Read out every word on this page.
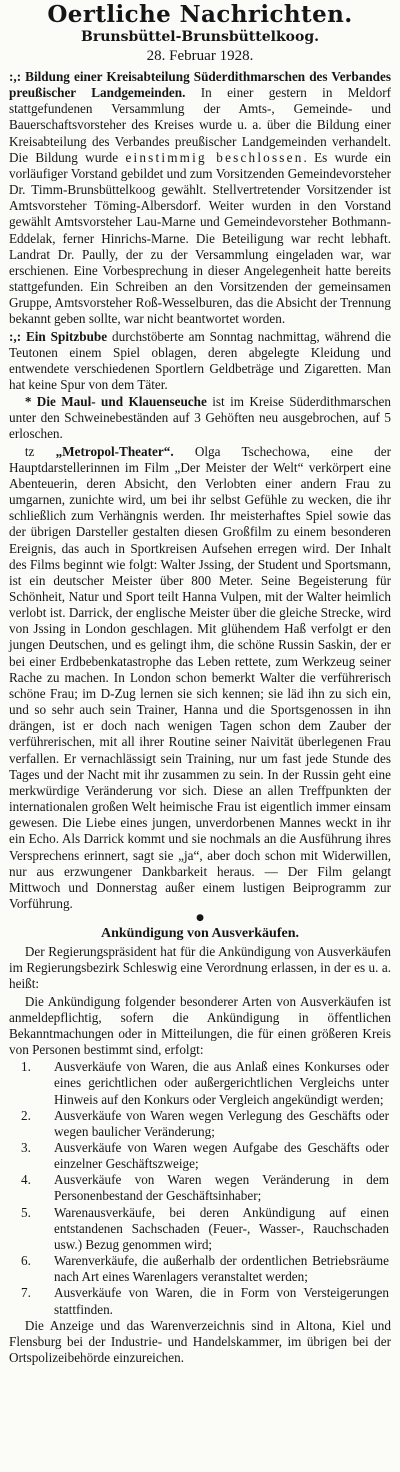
Oertliche Nachrichten.
Brunsbüttel-Brunsbüttelkoog.
28. Februar 1928.

:,: Bildung einer Kreisabteilung Süderdithmarschen des Verbandes preußischer Landgemeinden. In einer gestern in Meldorf stattgefundenen Versammlung der Amts-, Gemeinde- und Bauerschaftsvorsteher des Kreises wurde u. a. über die Bildung einer Kreisabteilung des Verbandes preußischer Landgemeinden verhandelt. Die Bildung wurde einstimmig beschlossen. Es wurde ein vorläufiger Vorstand gebildet und zum Vorsitzenden Gemeindevorsteher Dr. Timm-Brunsbüttelkoog gewählt. Stellvertretender Vorsitzender ist Amtsvorsteher Töming-Albersdorf. Weiter wurden in den Vorstand gewählt Amtsvorsteher Lau-Marne und Gemeindevorsteher Bothmann-Eddelak, ferner Hinrichs-Marne. Die Beteiligung war recht lebhaft. Landrat Dr. Paully, der zu der Versammlung eingeladen war, war erschienen. Eine Vorbesprechung in dieser Angelegenheit hatte bereits stattgefunden. Ein Schreiben an den Vorsitzenden der gemeinsamen Gruppe, Amtsvorsteher Roß-Wesselburen, das die Absicht der Trennung bekannt geben sollte, war nicht beantwortet worden.

:,: Ein Spitzbube durchstöberte am Sonntag nachmittag, während die Teutonen einem Spiel oblagen, deren abgelegte Kleidung und entwendete verschiedenen Sportlern Geldbeträge und Zigaretten. Man hat keine Spur von dem Täter.

* Die Maul- und Klauenseuche ist im Kreise Süderdithmarschen unter den Schweinebeständen auf 3 Gehöften neu ausgebrochen, auf 5 erloschen.

tz „Metropol-Theater“. Olga Tschechowa, eine der Hauptdarstellerinnen im Film „Der Meister der Welt“ verkörpert eine Abenteuerin, deren Absicht, den Verlobten einer andern Frau zu umgarnen, zunichte wird, um bei ihr selbst Gefühle zu wecken, die ihr schließlich zum Verhängnis werden. Ihr meisterhaftes Spiel sowie das der übrigen Darsteller gestalten diesen Großfilm zu einem besonderen Ereignis, das auch in Sportkreisen Aufsehen erregen wird. Der Inhalt des Films beginnt wie folgt: Walter Jssing, der Student und Sportsmann, ist ein deutscher Meister über 800 Meter. Seine Begeisterung für Schönheit, Natur und Sport teilt Hanna Vulpen, mit der Walter heimlich verlobt ist. Darrick, der englische Meister über die gleiche Strecke, wird von Jssing in London geschlagen. Mit glühendem Haß verfolgt er den jungen Deutschen, und es gelingt ihm, die schöne Russin Saskin, der er bei einer Erdbebenkatastrophe das Leben rettete, zum Werkzeug seiner Rache zu machen. In London schon bemerkt Walter die verführerisch schöne Frau; im D-Zug lernen sie sich kennen; sie läd ihn zu sich ein, und so sehr auch sein Trainer, Hanna und die Sportsgenossen in ihn drängen, ist er doch nach wenigen Tagen schon dem Zauber der verführerischen, mit all ihrer Routine seiner Naivität überlegenen Frau verfallen. Er vernachlässigt sein Training, nur um fast jede Stunde des Tages und der Nacht mit ihr zusammen zu sein. In der Russin geht eine merkwürdige Veränderung vor sich. Diese an allen Treffpunkten der internationalen großen Welt heimische Frau ist eigentlich immer einsam gewesen. Die Liebe eines jungen, unverdorbenen Mannes weckt in ihr ein Echo. Als Darrick kommt und sie nochmals an die Ausführung ihres Versprechens erinnert, sagt sie „ja“, aber doch schon mit Widerwillen, nur aus erzwungener Dankbarkeit heraus. — Der Film gelangt Mittwoch und Donnerstag außer einem lustigen Beiprogramm zur Vorführung.

●
Ankündigung von Ausverkäufen.

Der Regierungspräsident hat für die Ankündigung von Ausverkäufen im Regierungsbezirk Schleswig eine Verordnung erlassen, in der es u. a. heißt:

Die Ankündigung folgender besonderer Arten von Ausverkäufen ist anmeldepflichtig, sofern die Ankündigung in öffentlichen Bekanntmachungen oder in Mitteilungen, die für einen größeren Kreis von Personen bestimmt sind, erfolgt:

1. Ausverkäufe von Waren, die aus Anlaß eines Konkurses oder eines gerichtlichen oder außergerichtlichen Vergleichs unter Hinweis auf den Konkurs oder Vergleich angekündigt werden;
2. Ausverkäufe von Waren wegen Verlegung des Geschäfts oder wegen baulicher Veränderung;
3. Ausverkäufe von Waren wegen Aufgabe des Geschäfts oder einzelner Geschäftszweige;
4. Ausverkäufe von Waren wegen Veränderung in dem Personenbestand der Geschäftsinhaber;
5. Warenausverkäufe, bei deren Ankündigung auf einen entstandenen Sachschaden (Feuer-, Wasser-, Rauchschaden usw.) Bezug genommen wird;
6. Warenverkäufe, die außerhalb der ordentlichen Betriebsräume nach Art eines Warenlagers veranstaltet werden;
7. Ausverkäufe von Waren, die in Form von Versteigerungen stattfinden.

Die Anzeige und das Warenverzeichnis sind in Altona, Kiel und Flensburg bei der Industrie- und Handelskammer, im übrigen bei der Ortspolizeibehörde einzureichen.
